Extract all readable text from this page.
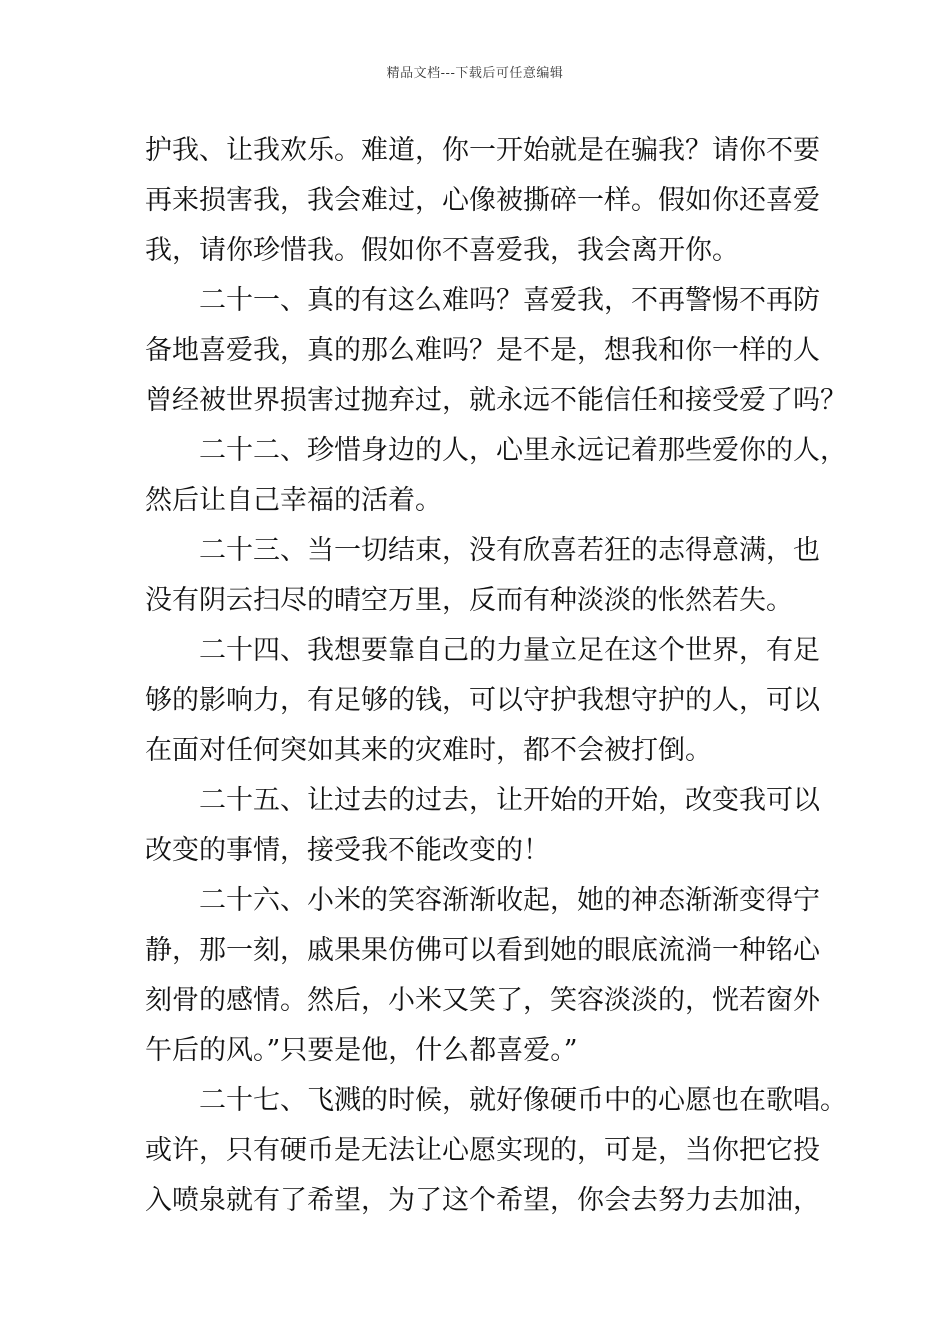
精品文档---下载后可任意编辑
护我、让我欢乐。难道，你一开始就是在骗我？请你不要
再来损害我，我会难过，心像被撕碎一样。假如你还喜爱
我，请你珍惜我。假如你不喜爱我，我会离开你。
二十一、真的有这么难吗？喜爱我，不再警惕不再防
备地喜爱我，真的那么难吗？是不是，想我和你一样的人
曾经被世界损害过抛弃过，就永远不能信任和接受爱了吗？
二十二、珍惜身边的人，心里永远记着那些爱你的人，
然后让自己幸福的活着。
二十三、当一切结束，没有欣喜若狂的志得意满，也
没有阴云扫尽的晴空万里，反而有种淡淡的怅然若失。
二十四、我想要靠自己的力量立足在这个世界，有足
够的影响力，有足够的钱，可以守护我想守护的人，可以
在面对任何突如其来的灾难时，都不会被打倒。
二十五、让过去的过去，让开始的开始，改变我可以
改变的事情，接受我不能改变的！
二十六、小米的笑容渐渐收起，她的神态渐渐变得宁
静，那一刻，戚果果仿佛可以看到她的眼底流淌一种铭心
刻骨的感情。然后，小米又笑了，笑容淡淡的，恍若窗外
午后的风。”只要是他，什么都喜爱。”
二十七、飞溅的时候，就好像硬币中的心愿也在歌唱。
或许，只有硬币是无法让心愿实现的，可是，当你把它投
入喷泉就有了希望，为了这个希望，你会去努力去加油，
